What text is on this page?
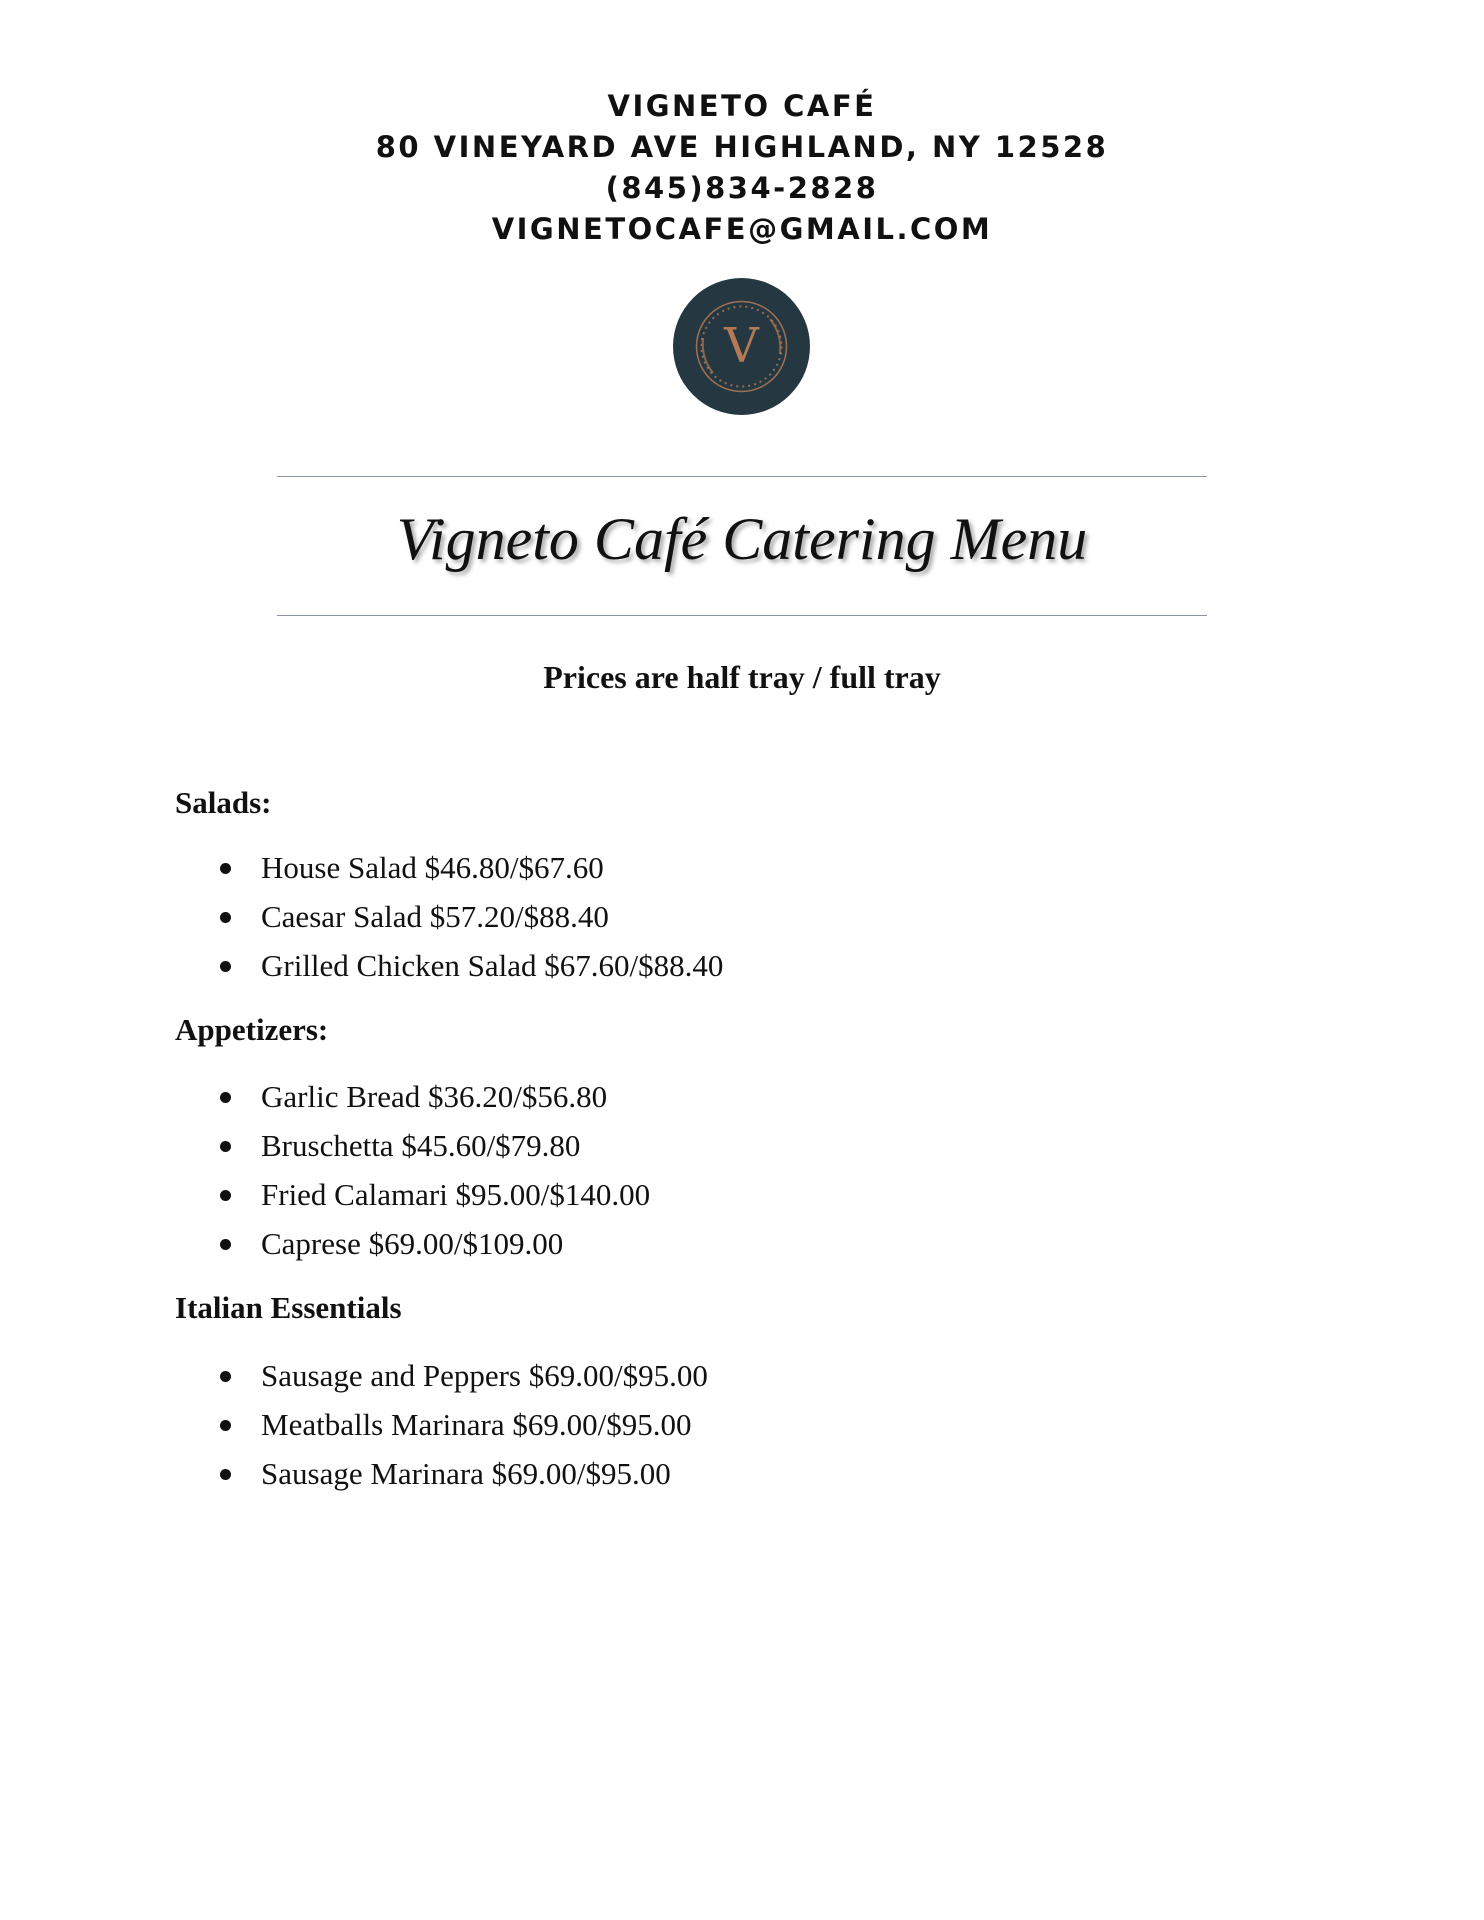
VIGNETO CAFÉ
80 VINEYARD AVE HIGHLAND, NY 12528
(845)834-2828
VIGNETOCAFE@GMAIL.COM
V
Vigneto Café Catering Menu
Prices are half tray / full tray
Salads:
House Salad $46.80/$67.60
Caesar Salad $57.20/$88.40
Grilled Chicken Salad $67.60/$88.40
Appetizers:
Garlic Bread $36.20/$56.80
Bruschetta $45.60/$79.80
Fried Calamari $95.00/$140.00
Caprese $69.00/$109.00
Italian Essentials
Sausage and Peppers $69.00/$95.00
Meatballs Marinara $69.00/$95.00
Sausage Marinara $69.00/$95.00
